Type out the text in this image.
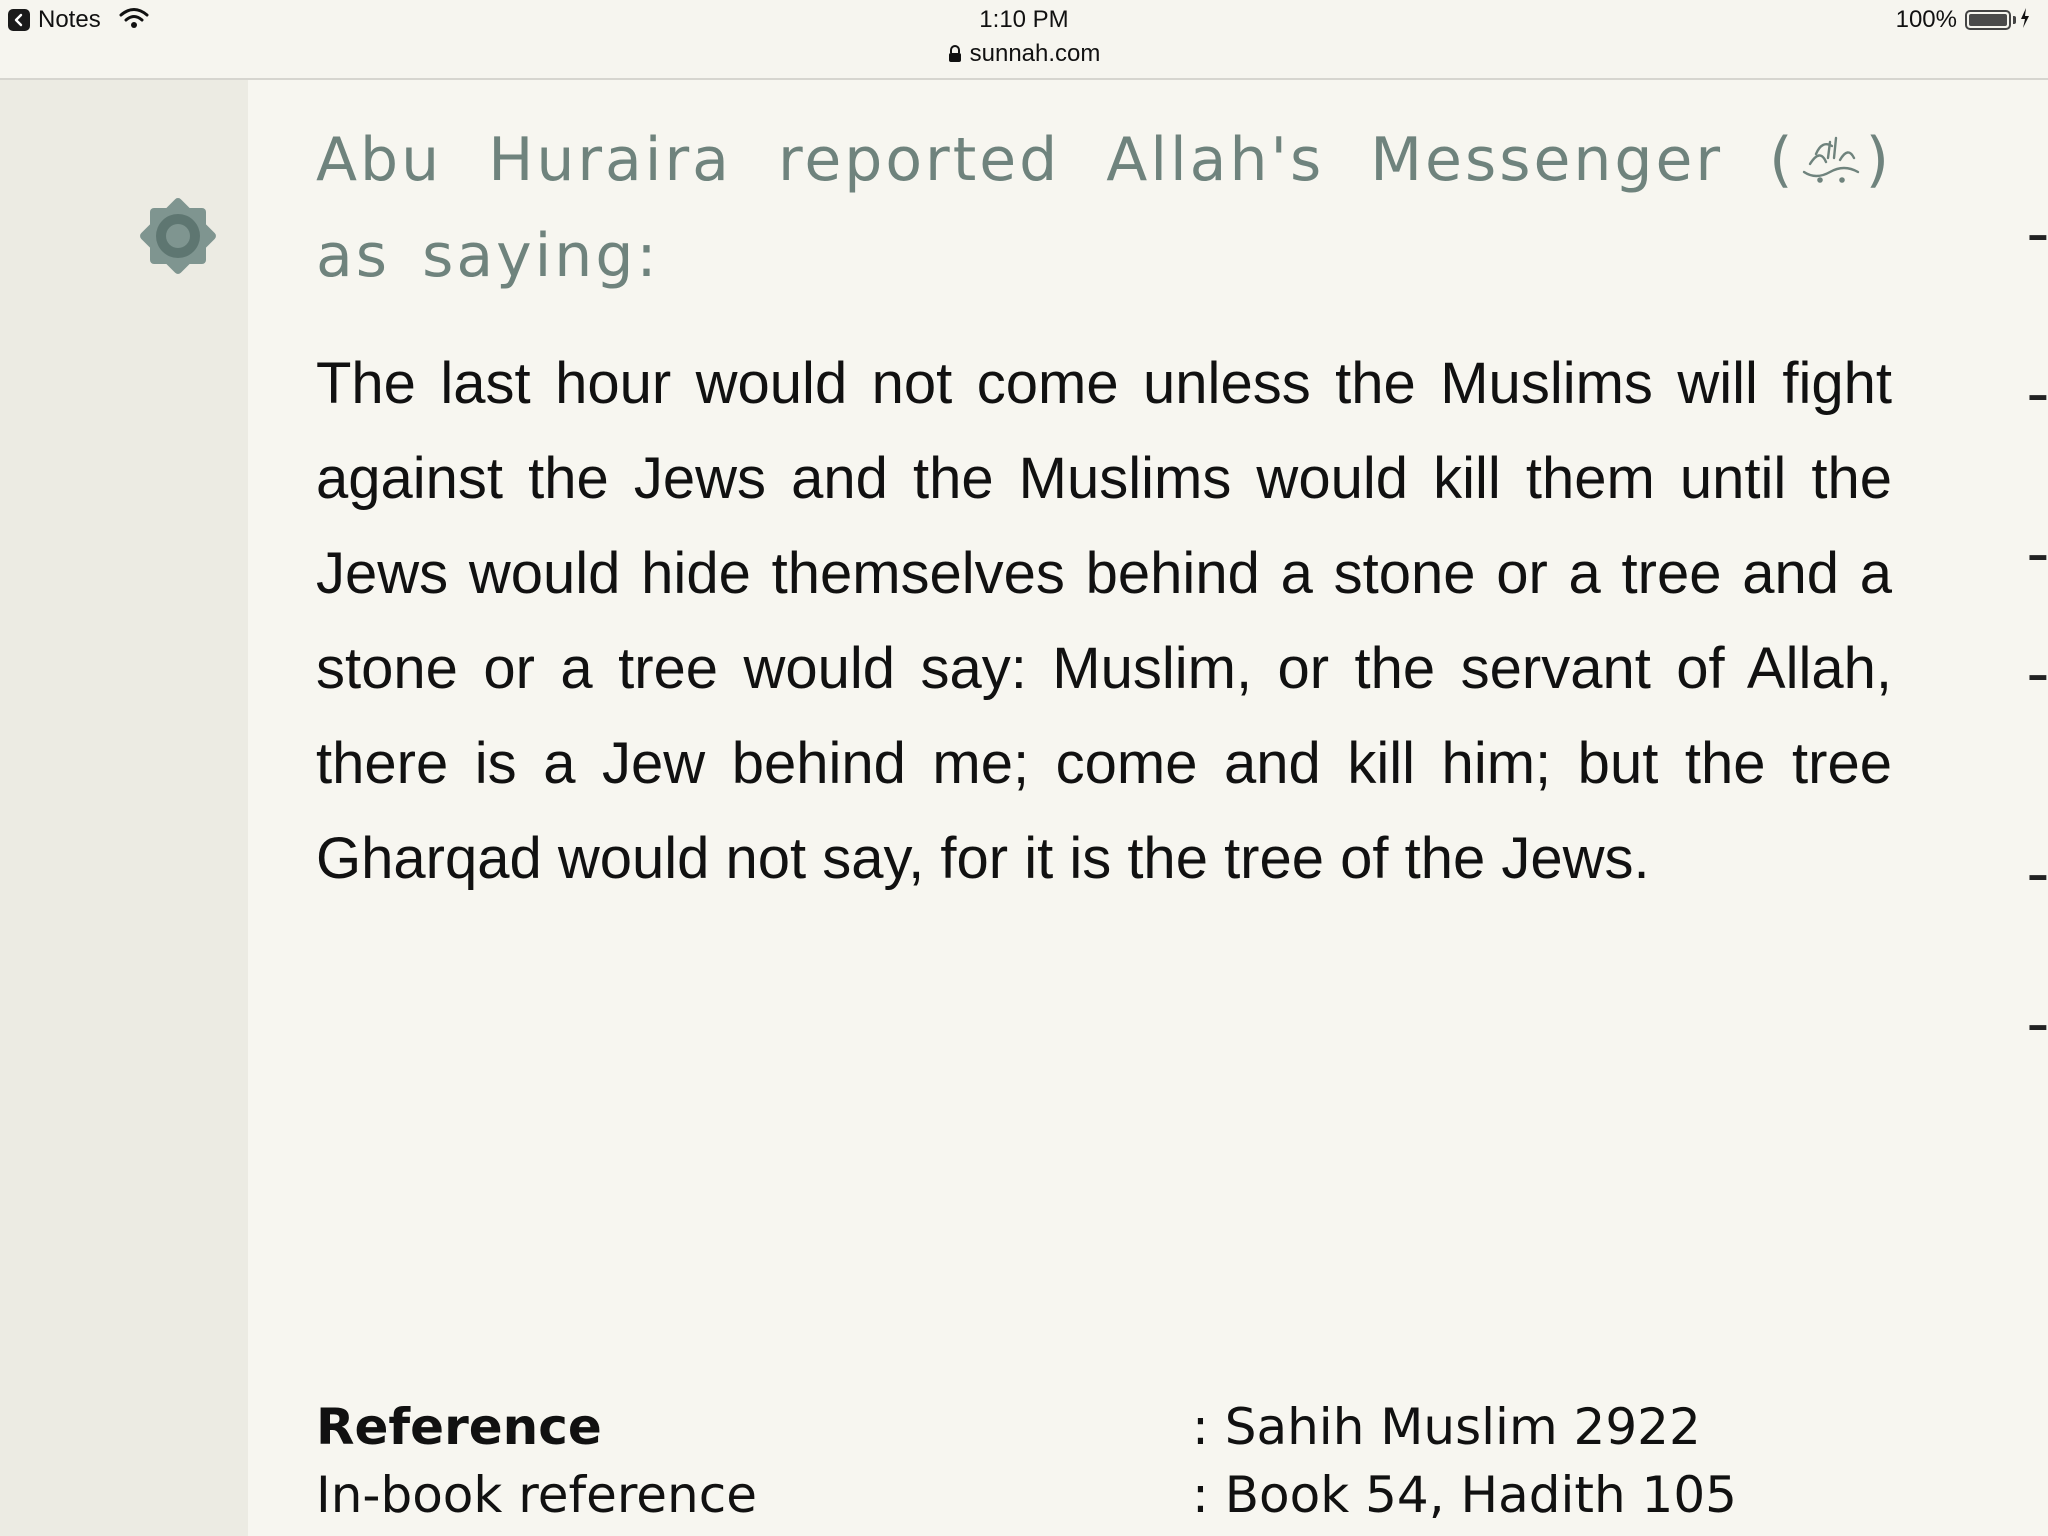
Notes	1:10 PM
sunnah.com
100%
Abu Huraira reported Allah's Messenger ( ) as saying:
The last hour would not come unless the Muslims will fight against the Jews and the Muslims would kill them until the Jews would hide themselves behind a stone or a tree and a stone or a tree would say: Muslim, or the servant of Allah, there is a Jew behind me; come and kill him; but the tree Gharqad would not say, for it is the tree of the Jews.
ـ
ـ
ـ
ـ
ـ
ـ
Reference	: Sahih Muslim 2922
In-book reference	: Book 54, Hadith 105
